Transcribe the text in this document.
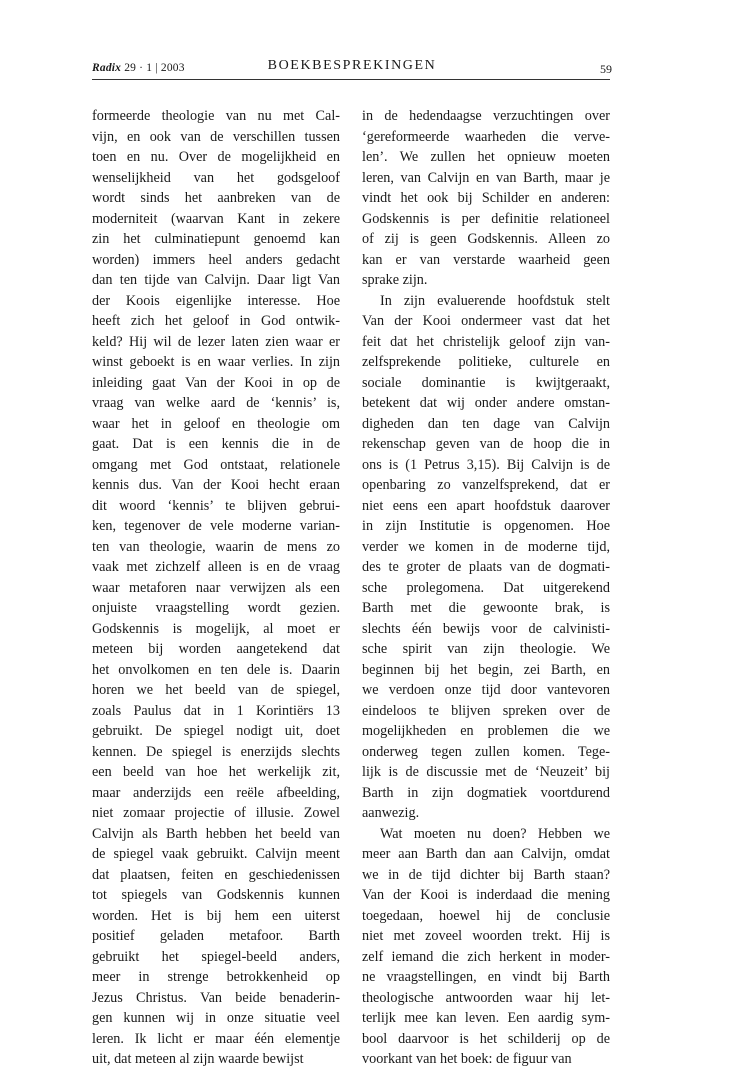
Radix 29 · 1 | 2003	BOEKBESPREKINGEN	59
formeerde theologie van nu met Cal-
vijn, en ook van de verschillen tussen
toen en nu. Over de mogelijkheid en
wenselijkheid van het godsgeloof
wordt sinds het aanbreken van de
moderniteit (waarvan Kant in zekere
zin het culminatiepunt genoemd kan
worden) immers heel anders gedacht
dan ten tijde van Calvijn. Daar ligt Van
der Koois eigenlijke interesse. Hoe
heeft zich het geloof in God ontwik-
keld? Hij wil de lezer laten zien waar er
winst geboekt is en waar verlies. In zijn
inleiding gaat Van der Kooi in op de
vraag van welke aard de ‘kennis’ is,
waar het in geloof en theologie om
gaat. Dat is een kennis die in de
omgang met God ontstaat, relationele
kennis dus. Van der Kooi hecht eraan
dit woord ‘kennis’ te blijven gebrui-
ken, tegenover de vele moderne varian-
ten van theologie, waarin de mens zo
vaak met zichzelf alleen is en de vraag
waar metaforen naar verwijzen als een
onjuiste vraagstelling wordt gezien.
Godskennis is mogelijk, al moet er
meteen bij worden aangetekend dat
het onvolkomen en ten dele is. Daarin
horen we het beeld van de spiegel,
zoals Paulus dat in 1 Korintiërs 13
gebruikt. De spiegel nodigt uit, doet
kennen. De spiegel is enerzijds slechts
een beeld van hoe het werkelijk zit,
maar anderzijds een reële afbeelding,
niet zomaar projectie of illusie. Zowel
Calvijn als Barth hebben het beeld van
de spiegel vaak gebruikt. Calvijn meent
dat plaatsen, feiten en geschiedenissen
tot spiegels van Godskennis kunnen
worden. Het is bij hem een uiterst
positief geladen metafoor. Barth
gebruikt het spiegel-beeld anders,
meer in strenge betrokkenheid op
Jezus Christus. Van beide benaderin-
gen kunnen wij in onze situatie veel
leren. Ik licht er maar één elementje
uit, dat meteen al zijn waarde bewijst
in de hedendaagse verzuchtingen over
‘gereformeerde waarheden die verve-
len’. We zullen het opnieuw moeten
leren, van Calvijn en van Barth, maar je
vindt het ook bij Schilder en anderen:
Godskennis is per definitie relationeel
of zij is geen Godskennis. Alleen zo
kan er van verstarde waarheid geen
sprake zijn.
In zijn evaluerende hoofdstuk stelt
Van der Kooi ondermeer vast dat het
feit dat het christelijk geloof zijn van-
zelfsprekende politieke, culturele en
sociale dominantie is kwijtgeraakt,
betekent dat wij onder andere omstan-
digheden dan ten dage van Calvijn
rekenschap geven van de hoop die in
ons is (1 Petrus 3,15). Bij Calvijn is de
openbaring zo vanzelfsprekend, dat er
niet eens een apart hoofdstuk daarover
in zijn Institutie is opgenomen. Hoe
verder we komen in de moderne tijd,
des te groter de plaats van de dogmati-
sche prolegomena. Dat uitgerekend
Barth met die gewoonte brak, is
slechts één bewijs voor de calvinisti-
sche spirit van zijn theologie. We
beginnen bij het begin, zei Barth, en
we verdoen onze tijd door vantevoren
eindeloos te blijven spreken over de
mogelijkheden en problemen die we
onderweg tegen zullen komen. Tege-
lijk is de discussie met de ‘Neuzeit’ bij
Barth in zijn dogmatiek voortdurend
aanwezig.
Wat moeten nu doen? Hebben we
meer aan Barth dan aan Calvijn, omdat
we in de tijd dichter bij Barth staan?
Van der Kooi is inderdaad die mening
toegedaan, hoewel hij de conclusie
niet met zoveel woorden trekt. Hij is
zelf iemand die zich herkent in moder-
ne vraagstellingen, en vindt bij Barth
theologische antwoorden waar hij let-
terlijk mee kan leven. Een aardig sym-
bool daarvoor is het schilderij op de
voorkant van het boek: de figuur van
